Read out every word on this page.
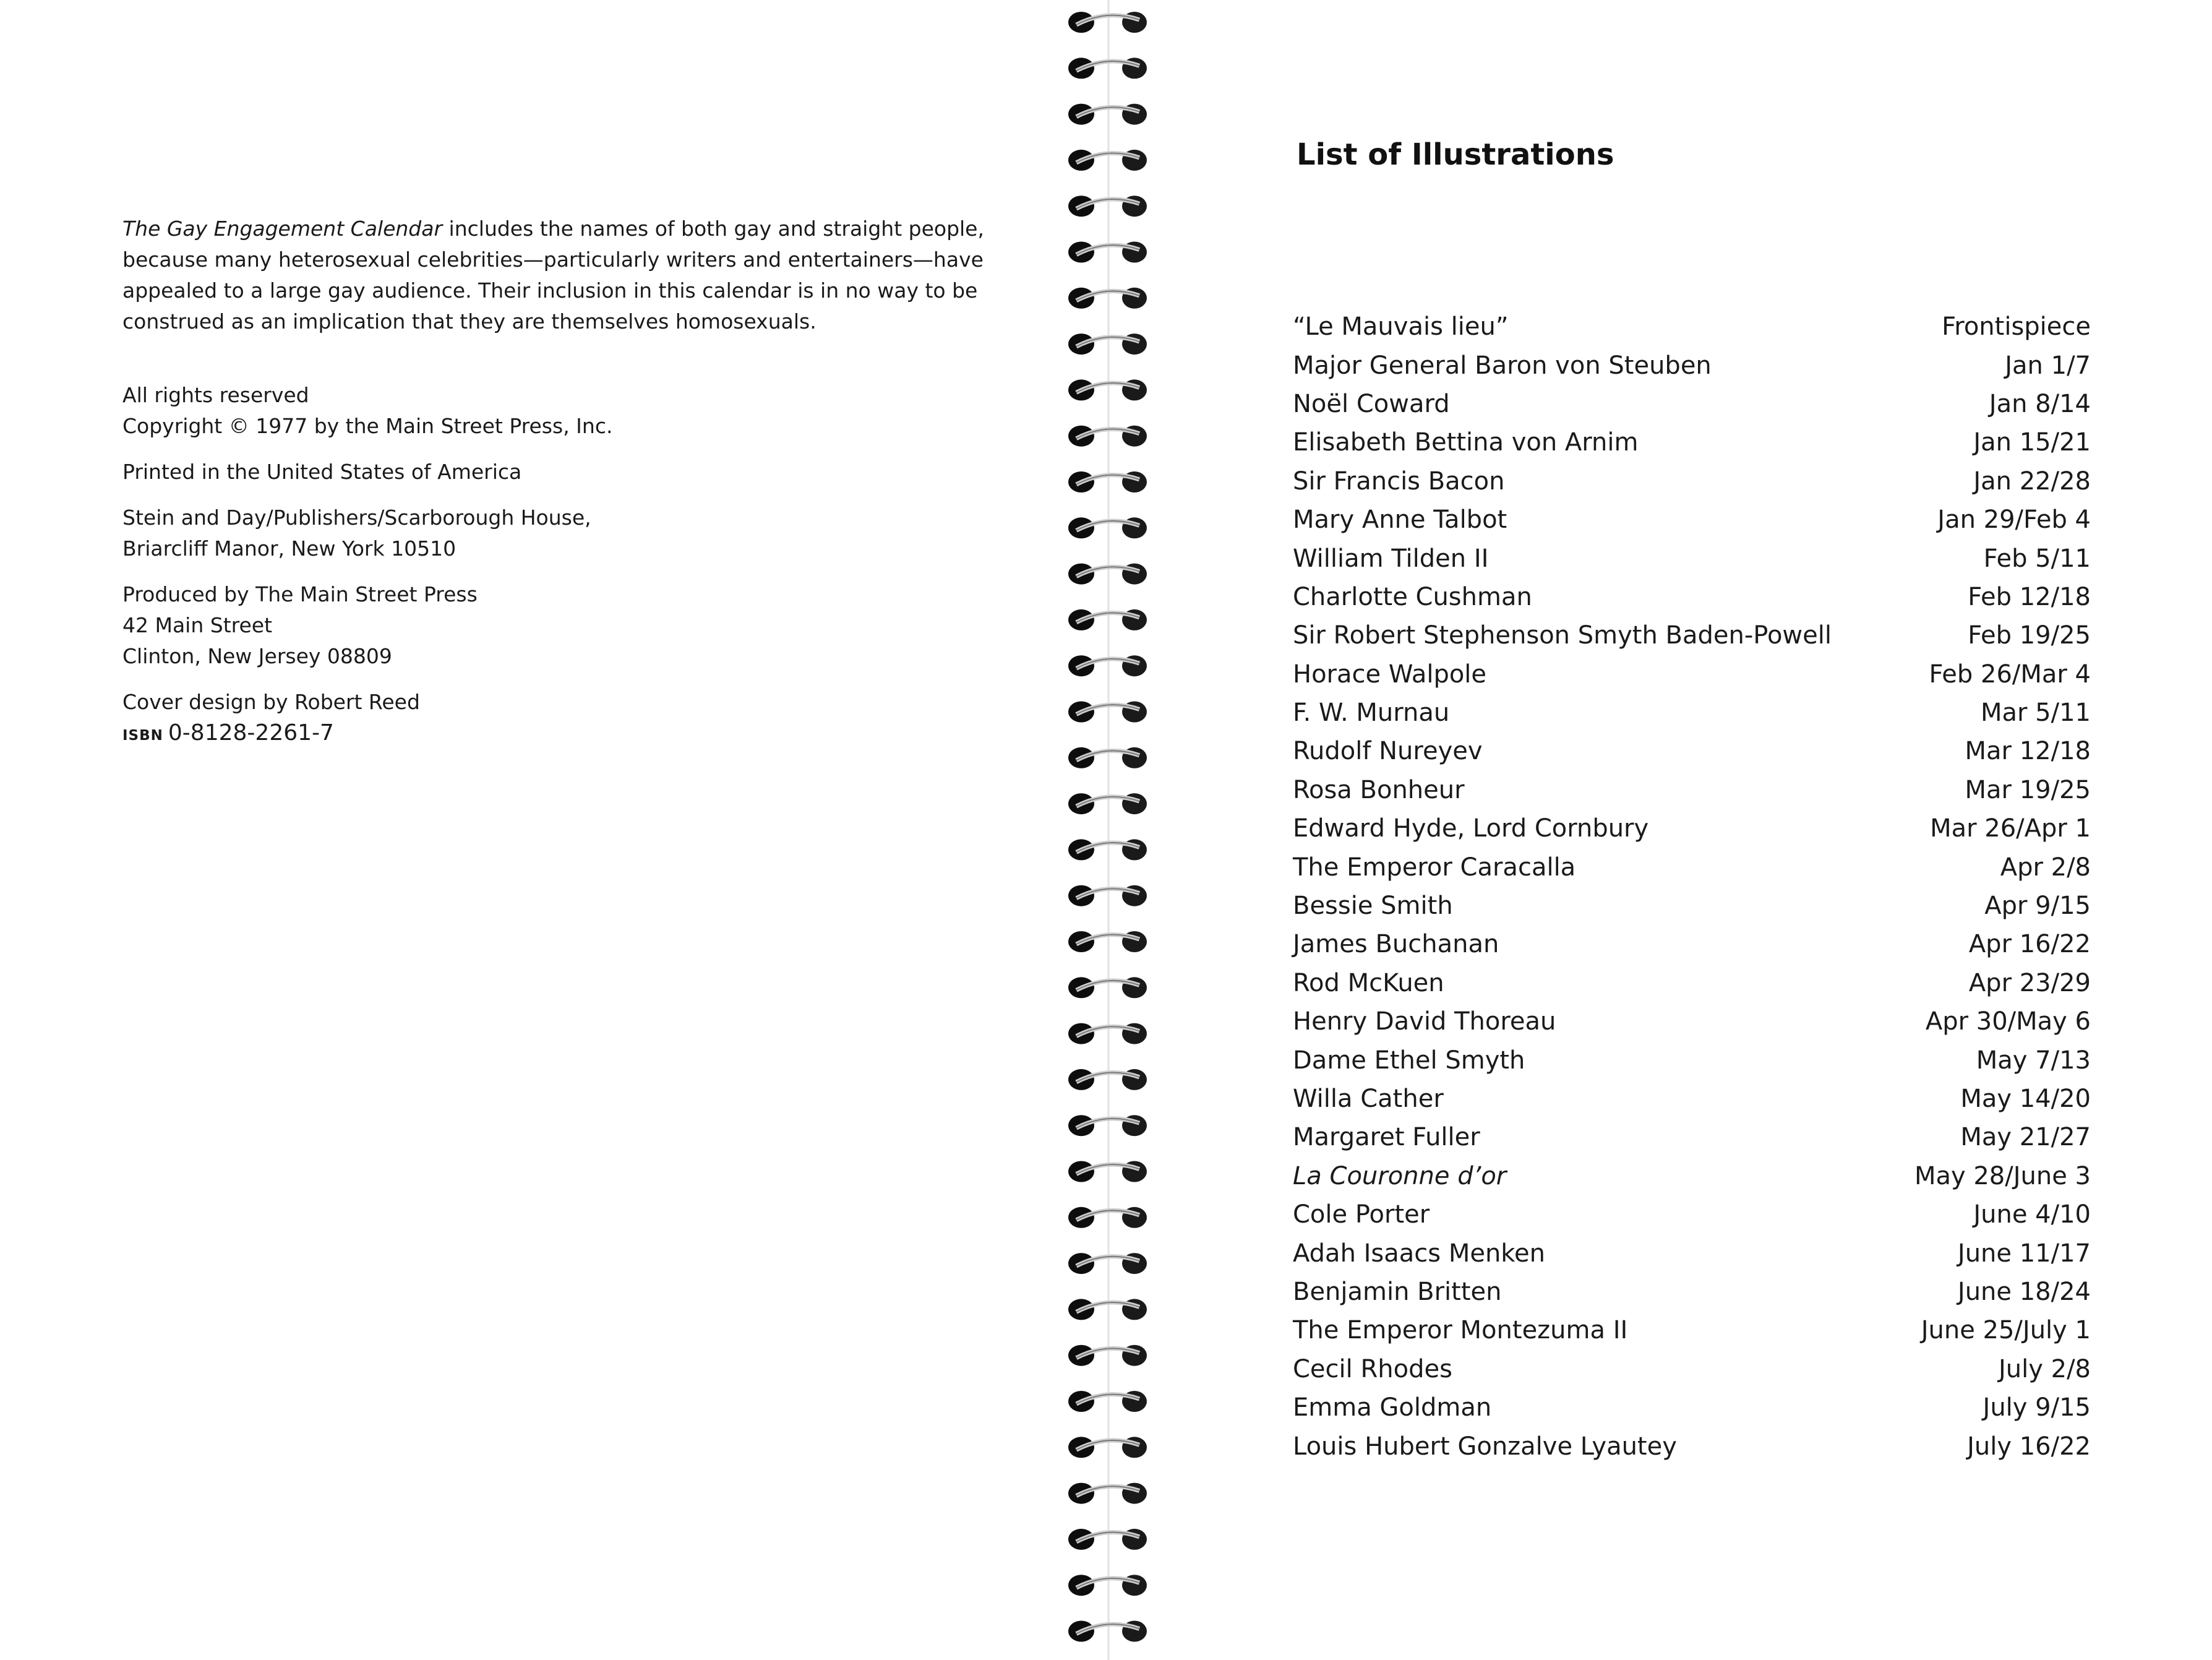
The Gay Engagement Calendar includes the names of both gay and straight people, because many heterosexual celebrities—particularly writers and entertainers—have appealed to a large gay audience. Their inclusion in this calendar is in no way to be construed as an implication that they are themselves homosexuals.

All rights reserved
Copyright © 1977 by the Main Street Press, Inc.
Printed in the United States of America
Stein and Day/Publishers/Scarborough House,
Briarcliff Manor, New York 10510
Produced by The Main Street Press
42 Main Street
Clinton, New Jersey 08809
Cover design by Robert Reed
ISBN 0-8128-2261-7
List of Illustrations
“Le Mauvais lieu”	Frontispiece
Major General Baron von Steuben	Jan 1/7
Noël Coward	Jan 8/14
Elisabeth Bettina von Arnim	Jan 15/21
Sir Francis Bacon	Jan 22/28
Mary Anne Talbot	Jan 29/Feb 4
William Tilden II	Feb 5/11
Charlotte Cushman	Feb 12/18
Sir Robert Stephenson Smyth Baden-Powell	Feb 19/25
Horace Walpole	Feb 26/Mar 4
F. W. Murnau	Mar 5/11
Rudolf Nureyev	Mar 12/18
Rosa Bonheur	Mar 19/25
Edward Hyde, Lord Cornbury	Mar 26/Apr 1
The Emperor Caracalla	Apr 2/8
Bessie Smith	Apr 9/15
James Buchanan	Apr 16/22
Rod McKuen	Apr 23/29
Henry David Thoreau	Apr 30/May 6
Dame Ethel Smyth	May 7/13
Willa Cather	May 14/20
Margaret Fuller	May 21/27
La Couronne d’or	May 28/June 3
Cole Porter	June 4/10
Adah Isaacs Menken	June 11/17
Benjamin Britten	June 18/24
The Emperor Montezuma II	June 25/July 1
Cecil Rhodes	July 2/8
Emma Goldman	July 9/15
Louis Hubert Gonzalve Lyautey	July 16/22
